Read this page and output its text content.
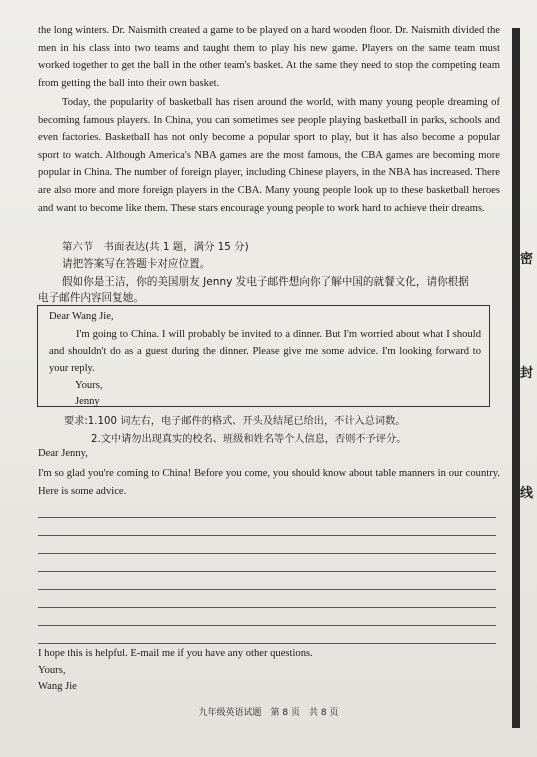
the long winters. Dr. Naismith created a game to be played on a hard wooden floor. Dr. Naismith divided the men in his class into two teams and taught them to play his new game. Players on the same team must worked together to get the ball in the other team's basket. At the same they need to stop the competing team from getting the ball into their own basket.

Today, the popularity of basketball has risen around the world, with many young people dreaming of becoming famous players. In China, you can sometimes see people playing basketball in parks, schools and even factories. Basketball has not only become a popular sport to play, but it has also become a popular sport to watch. Although America's NBA games are the most famous, the CBA games are becoming more popular in China. The number of foreign player, including Chinese players, in the NBA has increased. There are also more and more foreign players in the CBA. Many young people look up to these basketball heroes and want to become like them. These stars encourage young people to work hard to achieve their dreams.

第六节　书面表达(共 1 题，满分 15 分)
请把答案写在答题卡对应位置。
假如你是王洁，你的美国朋友 Jenny 发电子邮件想向你了解中国的就餐文化，请你根据
电子邮件内容回复她。

Dear Wang Jie,

I'm going to China. I will probably be invited to a dinner. But I'm worried about what I should and shouldn't do as a guest during the dinner. Please give me some advice. I'm looking forward to your reply.

Yours,

Jenny

要求:1.100 词左右，电子邮件的格式、开头及结尾已给出，不计入总词数。
2.文中请勿出现真实的校名、班级和姓名等个人信息，否则不予评分。
Dear Jenny,

I'm so glad you're coming to China! Before you come, you should know about table manners in our country. Here is some advice.

I hope this is helpful. E-mail me if you have any other questions.
Yours,
Wang Jie
密
封
线
九年级英语试题　第 8 页　共 8 页
